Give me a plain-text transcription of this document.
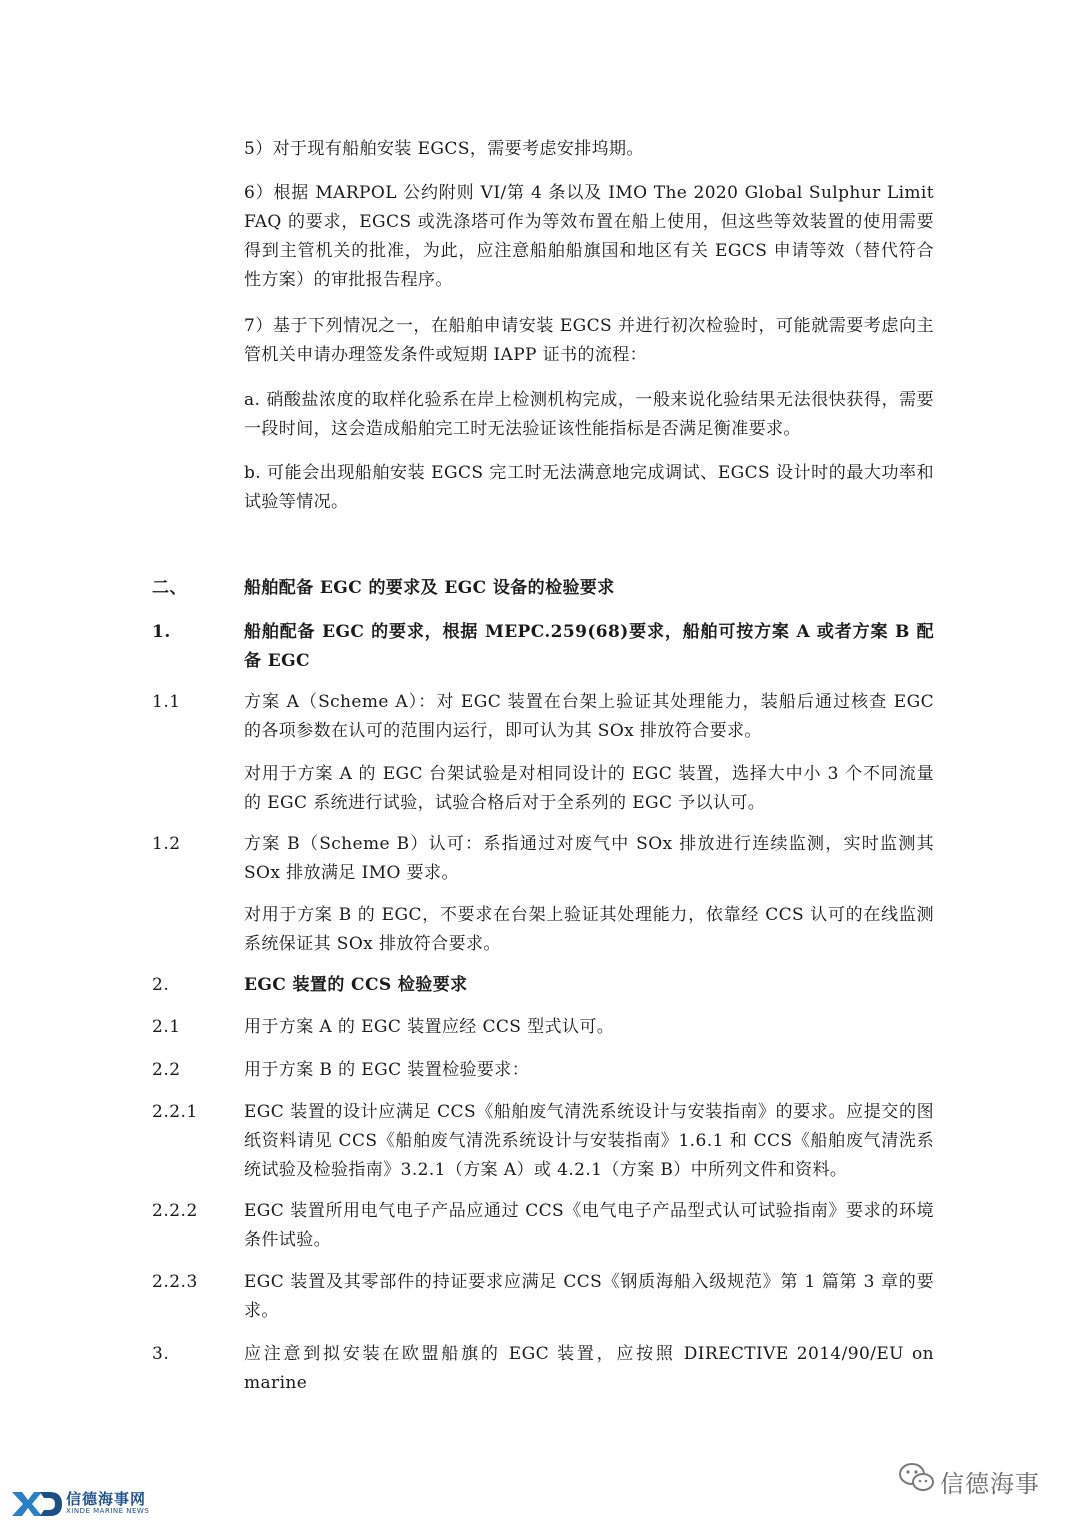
5）对于现有船舶安装 EGCS，需要考虑安排坞期。

6）根据 MARPOL 公约附则 VI/第 4 条以及 IMO The 2020 Global Sulphur Limit FAQ 的要求，EGCS 或洗涤塔可作为等效布置在船上使用，但这些等效装置的使用需要得到主管机关的批准，为此，应注意船舶船旗国和地区有关 EGCS 申请等效（替代符合性方案）的审批报告程序。

7）基于下列情况之一，在船舶申请安装 EGCS 并进行初次检验时，可能就需要考虑向主管机关申请办理签发条件或短期 IAPP 证书的流程：

a. 硝酸盐浓度的取样化验系在岸上检测机构完成，一般来说化验结果无法很快获得，需要一段时间，这会造成船舶完工时无法验证该性能指标是否满足衡准要求。

b. 可能会出现船舶安装 EGCS 完工时无法满意地完成调试、EGCS 设计时的最大功率和试验等情况。

二、	船舶配备 EGC 的要求及 EGC 设备的检验要求
1.	船舶配备 EGC 的要求，根据 MEPC.259(68)要求，船舶可按方案 A 或者方案 B 配备 EGC
1.1	方案 A（Scheme A）：对 EGC 装置在台架上验证其处理能力，装船后通过核查 EGC 的各项参数在认可的范围内运行，即可认为其 SOx 排放符合要求。
对用于方案 A 的 EGC 台架试验是对相同设计的 EGC 装置，选择大中小 3 个不同流量的 EGC 系统进行试验，试验合格后对于全系列的 EGC 予以认可。
1.2	方案 B（Scheme B）认可：系指通过对废气中 SOx 排放进行连续监测，实时监测其 SOx 排放满足 IMO 要求。
对用于方案 B 的 EGC，不要求在台架上验证其处理能力，依靠经 CCS 认可的在线监测系统保证其 SOx 排放符合要求。
2.	EGC 装置的 CCS 检验要求
2.1	用于方案 A 的 EGC 装置应经 CCS 型式认可。
2.2	用于方案 B 的 EGC 装置检验要求：
2.2.1	EGC 装置的设计应满足 CCS《船舶废气清洗系统设计与安装指南》的要求。应提交的图纸资料请见 CCS《船舶废气清洗系统设计与安装指南》1.6.1 和 CCS《船舶废气清洗系统试验及检验指南》3.2.1（方案 A）或 4.2.1（方案 B）中所列文件和资料。
2.2.2	EGC 装置所用电气电子产品应通过 CCS《电气电子产品型式认可试验指南》要求的环境条件试验。
2.2.3	EGC 装置及其零部件的持证要求应满足 CCS《钢质海船入级规范》第 1 篇第 3 章的要求。
3.	应注意到拟安装在欧盟船旗的 EGC 装置，应按照 DIRECTIVE 2014/90/EU on marine
XD
信德海事网
XINDE MARINE NEWS
信德海事
